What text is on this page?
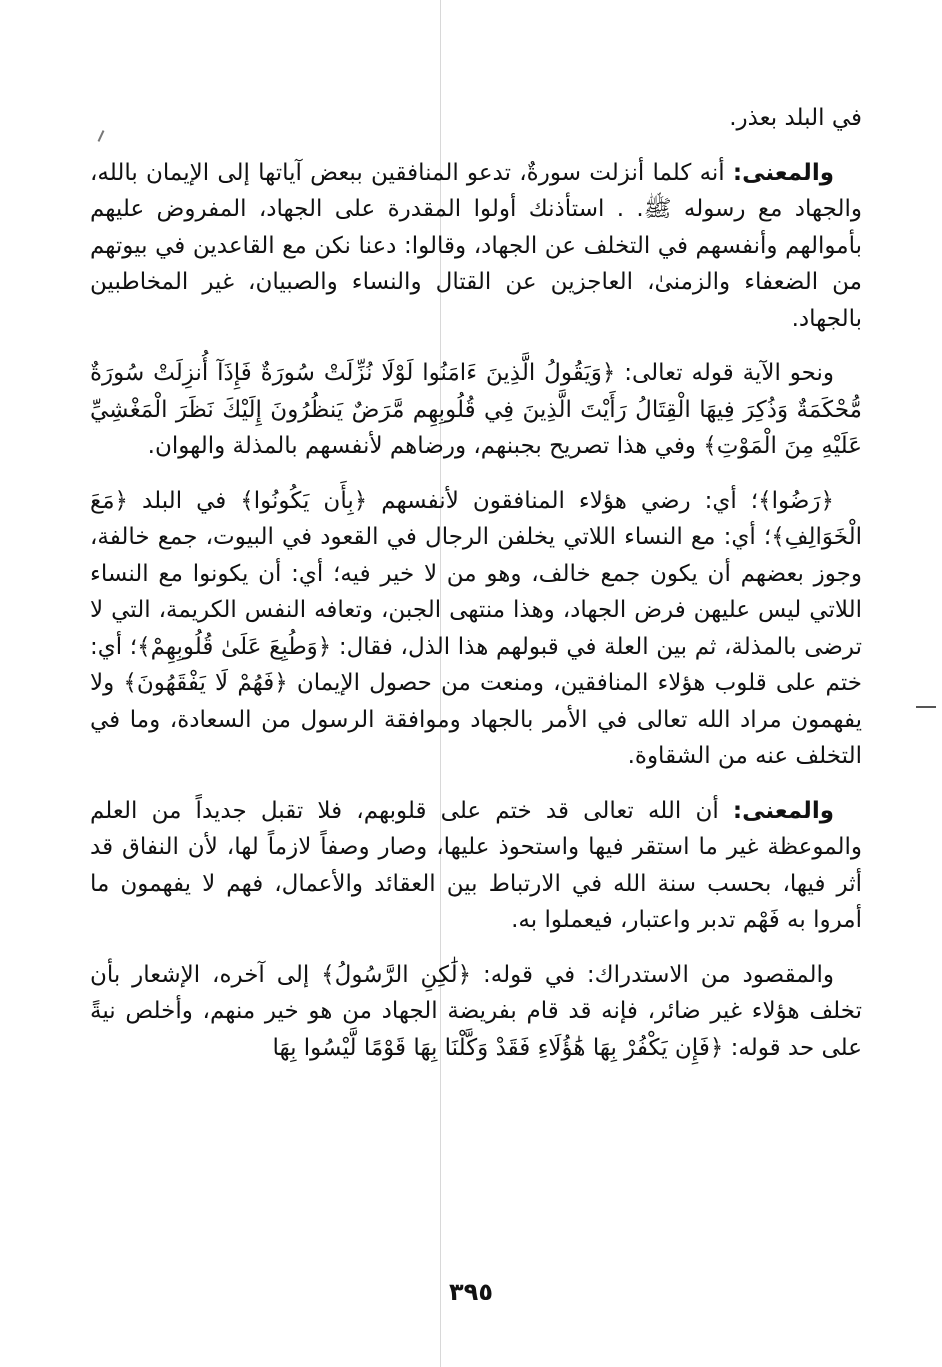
في البلد بعذر.

والمعنى: أنه كلما أنزلت سورةٌ، تدعو المنافقين ببعض آياتها إلى الإيمان بالله، والجهاد مع رسوله ﷺ. . استأذنك أولوا المقدرة على الجهاد، المفروض عليهم بأموالهم وأنفسهم في التخلف عن الجهاد، وقالوا: دعنا نكن مع القاعدين في بيوتهم من الضعفاء والزمنىٰ، العاجزين عن القتال والنساء والصبيان، غير المخاطبين بالجهاد.

ونحو الآية قوله تعالى: ﴿وَيَقُولُ الَّذِينَ ءَامَنُوا لَوْلَا نُزِّلَتْ سُورَةٌ فَإِذَآ أُنزِلَتْ سُورَةٌ مُّحْكَمَةٌ وَذُكِرَ فِيهَا الْقِتَالُ رَأَيْتَ الَّذِينَ فِي قُلُوبِهِم مَّرَضٌ يَنظُرُونَ إِلَيْكَ نَظَرَ الْمَغْشِيِّ عَلَيْهِ مِنَ الْمَوْتِ﴾ وفي هذا تصريح بجبنهم، ورضاهم لأنفسهم بالمذلة والهوان.

﴿رَضُوا﴾؛ أي: رضي هؤلاء المنافقون لأنفسهم ﴿بِأَن يَكُونُوا﴾ في البلد ﴿مَعَ الْخَوَالِفِ﴾؛ أي: مع النساء اللاتي يخلفن الرجال في القعود في البيوت، جمع خالفة، وجوز بعضهم أن يكون جمع خالف، وهو من لا خير فيه؛ أي: أن يكونوا مع النساء اللاتي ليس عليهن فرض الجهاد، وهذا منتهى الجبن، وتعافه النفس الكريمة، التي لا ترضى بالمذلة، ثم بين العلة في قبولهم هذا الذل، فقال: ﴿وَطُبِعَ عَلَىٰ قُلُوبِهِمْ﴾؛ أي: ختم على قلوب هؤلاء المنافقين، ومنعت من حصول الإيمان ﴿فَهُمْ لَا يَفْقَهُونَ﴾ ولا يفهمون مراد الله تعالى في الأمر بالجهاد وموافقة الرسول من السعادة، وما في التخلف عنه من الشقاوة.

والمعنى: أن الله تعالى قد ختم على قلوبهم، فلا تقبل جديداً من العلم والموعظة غير ما استقر فيها واستحوذ عليها، وصار وصفاً لازماً لها، لأن النفاق قد أثر فيها، بحسب سنة الله في الارتباط بين العقائد والأعمال، فهم لا يفهمون ما أمروا به فَهْم تدبر واعتبار، فيعملوا به.

والمقصود من الاستدراك: في قوله: ﴿لَٰكِنِ الرَّسُولُ﴾ إلى آخره، الإشعار بأن تخلف هؤلاء غير ضائر، فإنه قد قام بفريضة الجهاد من هو خير منهم، وأخلص نيةً على حد قوله: ﴿فَإِن يَكْفُرْ بِهَا هَٰؤُلَاءِ فَقَدْ وَكَّلْنَا بِهَا قَوْمًا لَّيْسُوا بِهَا

٣٩٥
